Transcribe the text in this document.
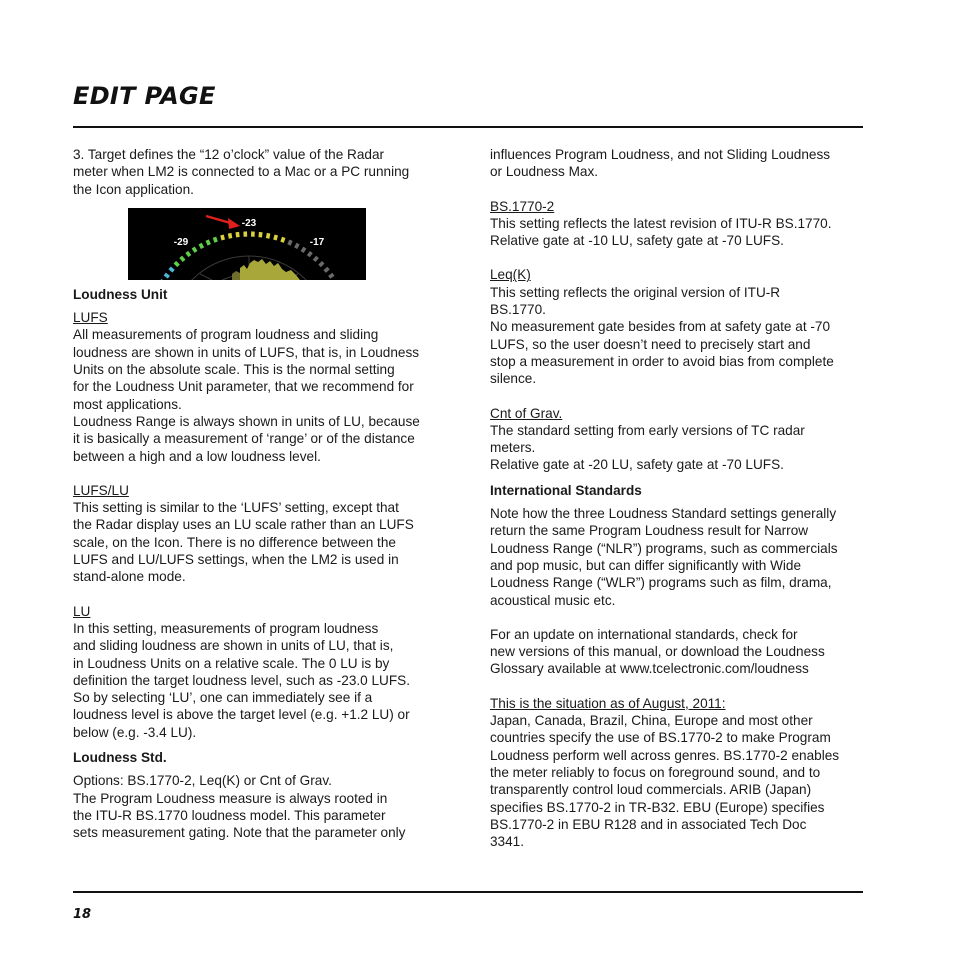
EDIT PAGE

3. Target defines the “12 o’clock” value of the Radar
meter when LM2 is connected to a Mac or a PC running
the Icon application.

-23
-29	-17
Loudness Unit

LUFS

All measurements of program loudness and sliding
loudness are shown in units of LUFS, that is, in Loudness
Units on the absolute scale. This is the normal setting
for the Loudness Unit parameter, that we recommend for
most applications.
Loudness Range is always shown in units of LU, because
it is basically a measurement of ‘range’ or of the distance
between a high and a low loudness level.

LUFS/LU

This setting is similar to the ‘LUFS’ setting, except that
the Radar display uses an LU scale rather than an LUFS
scale, on the Icon. There is no difference between the
LUFS and LU/LUFS settings, when the LM2 is used in
stand-alone mode.

LU

In this setting, measurements of program loudness
and sliding loudness are shown in units of LU, that is,
in Loudness Units on a relative scale. The 0 LU is by
definition the target loudness level, such as -23.0 LUFS.
So by selecting ‘LU’, one can immediately see if a
loudness level is above the target level (e.g. +1.2 LU) or
below (e.g. -3.4 LU).

Loudness Std.

Options: BS.1770-2, Leq(K) or Cnt of Grav.
The Program Loudness measure is always rooted in
the ITU-R BS.1770 loudness model. This parameter
sets measurement gating. Note that the parameter only

influences Program Loudness, and not Sliding Loudness
or Loudness Max.

BS.1770-2

This setting reflects the latest revision of ITU-R BS.1770.
Relative gate at -10 LU, safety gate at -70 LUFS.

Leq(K)

This setting reflects the original version of ITU-R
BS.1770.
No measurement gate besides from at safety gate at -70
LUFS, so the user doesn’t need to precisely start and
stop a measurement in order to avoid bias from complete
silence.

Cnt of Grav.

The standard setting from early versions of TC radar
meters.
Relative gate at -20 LU, safety gate at -70 LUFS.

International Standards

Note how the three Loudness Standard settings generally
return the same Program Loudness result for Narrow
Loudness Range (“NLR”) programs, such as commercials
and pop music, but can differ significantly with Wide
Loudness Range (“WLR”) programs such as film, drama,
acoustical music etc.

For an update on international standards, check for
new versions of this manual, or download the Loudness
Glossary available at www.tcelectronic.com/loudness

This is the situation as of August, 2011:

Japan, Canada, Brazil, China, Europe and most other
countries specify the use of BS.1770-2 to make Program
Loudness perform well across genres. BS.1770-2 enables
the meter reliably to focus on foreground sound, and to
transparently control loud commercials. ARIB (Japan)
specifies BS.1770-2 in TR-B32. EBU (Europe) specifies
BS.1770-2 in EBU R128 and in associated Tech Doc
3341.

18
